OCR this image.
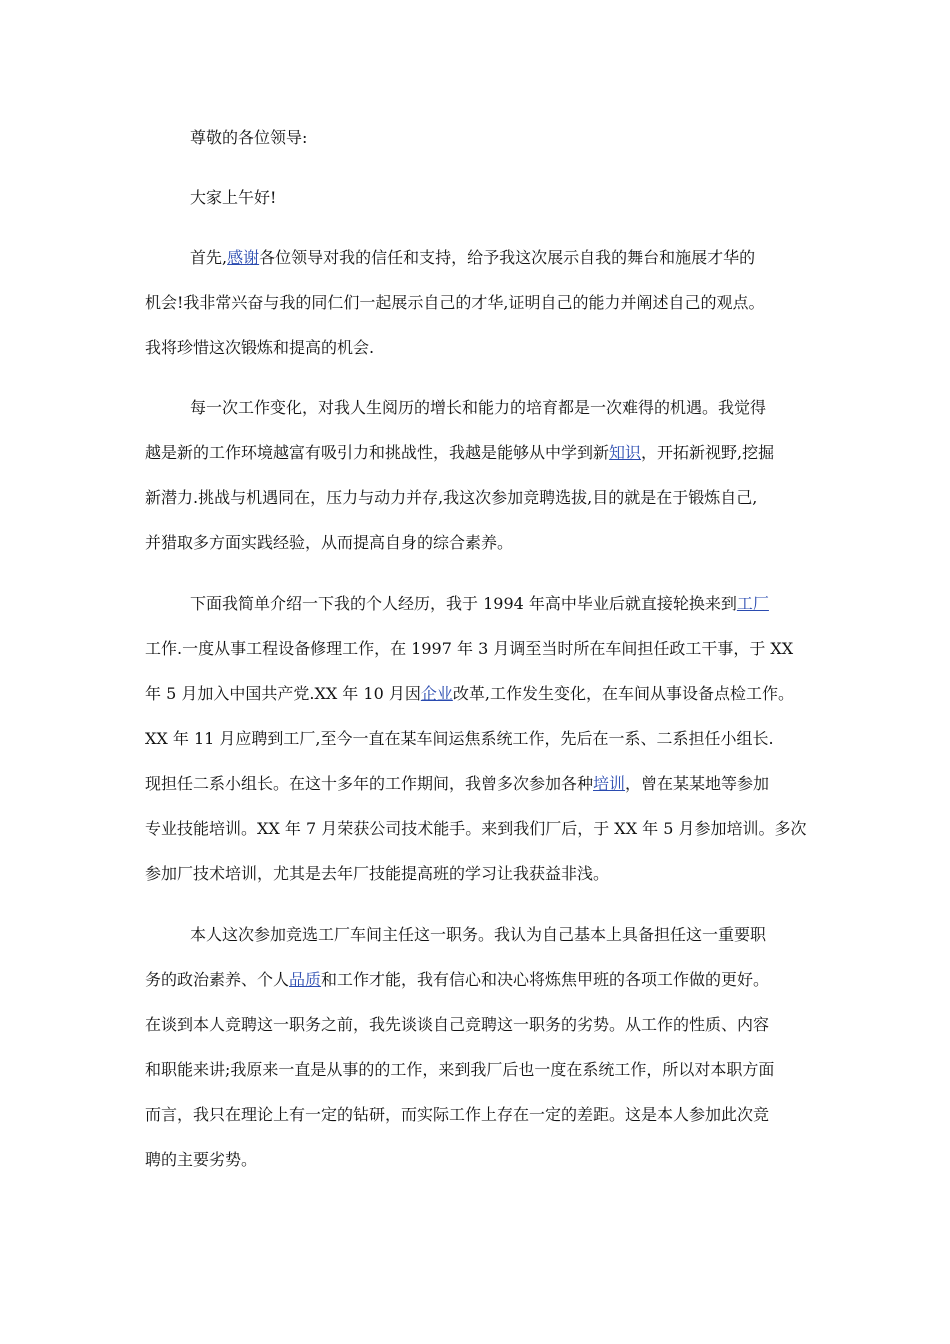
尊敬的各位领导:
大家上午好!
首先,感谢各位领导对我的信任和支持，给予我这次展示自我的舞台和施展才华的
机会!我非常兴奋与我的同仁们一起展示自己的才华,证明自己的能力并阐述自己的观点。
我将珍惜这次锻炼和提高的机会.
每一次工作变化，对我人生阅历的增长和能力的培育都是一次难得的机遇。我觉得
越是新的工作环境越富有吸引力和挑战性，我越是能够从中学到新知识，开拓新视野,挖掘
新潜力.挑战与机遇同在，压力与动力并存,我这次参加竞聘选拔,目的就是在于锻炼自己,
并猎取多方面实践经验，从而提高自身的综合素养。
下面我简单介绍一下我的个人经历，我于 1994 年高中毕业后就直接轮换来到工厂
工作.一度从事工程设备修理工作，在 1997 年 3 月调至当时所在车间担任政工干事，于 XX
年 5 月加入中国共产党.XX 年 10 月因企业改革,工作发生变化，在车间从事设备点检工作。
XX 年 11 月应聘到工厂,至今一直在某车间运焦系统工作，先后在一系、二系担任小组长.
现担任二系小组长。在这十多年的工作期间，我曾多次参加各种培训，曾在某某地等参加
专业技能培训。XX 年 7 月荣获公司技术能手。来到我们厂后，于 XX 年 5 月参加培训。多次
参加厂技术培训，尤其是去年厂技能提高班的学习让我获益非浅。
本人这次参加竞选工厂车间主任这一职务。我认为自己基本上具备担任这一重要职
务的政治素养、个人品质和工作才能，我有信心和决心将炼焦甲班的各项工作做的更好。
在谈到本人竞聘这一职务之前，我先谈谈自己竞聘这一职务的劣势。从工作的性质、内容
和职能来讲;我原来一直是从事的的工作，来到我厂后也一度在系统工作，所以对本职方面
而言，我只在理论上有一定的钻研，而实际工作上存在一定的差距。这是本人参加此次竞
聘的主要劣势。
